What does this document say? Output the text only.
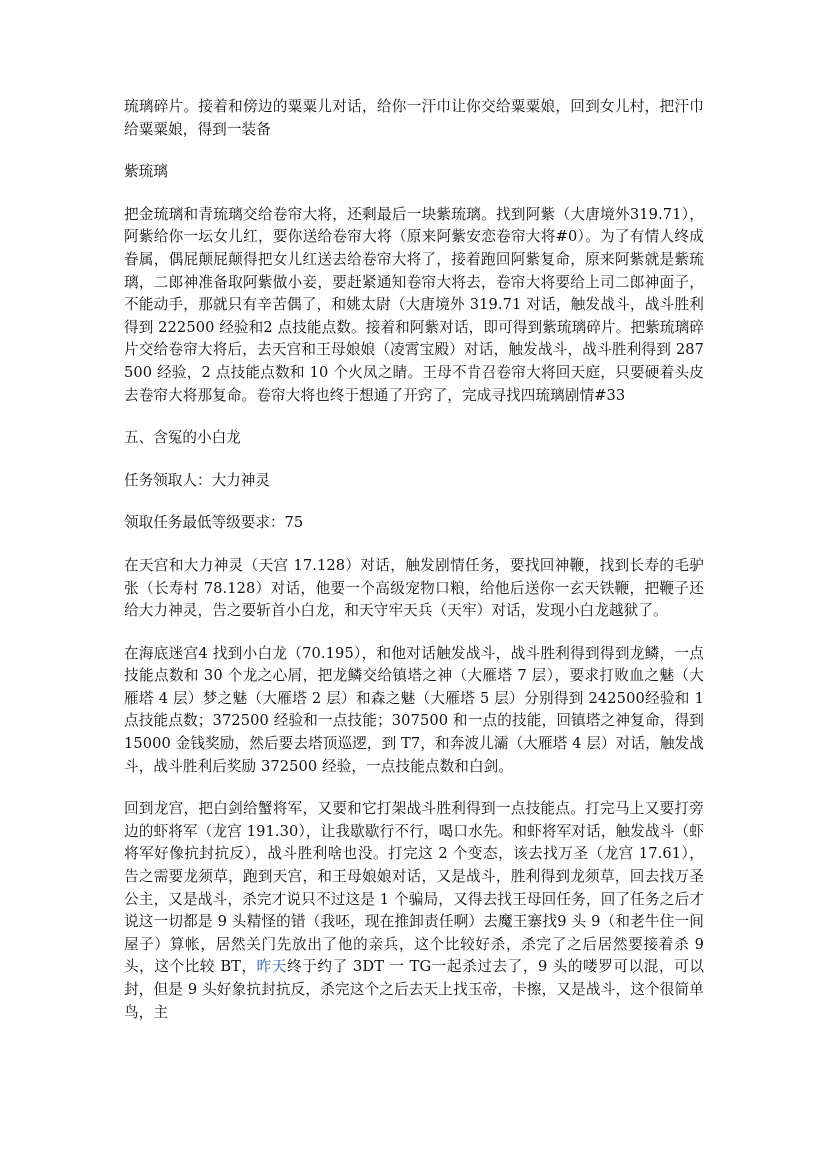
琉璃碎片。接着和傍边的粟粟儿对话，给你一汗巾让你交给粟粟娘，回到女儿村，把汗巾给粟粟娘，得到一装备

紫琉璃

把金琉璃和青琉璃交给卷帘大将，还剩最后一块紫琉璃。找到阿紫（大唐境外319.71），阿紫给你一坛女儿红，要你送给卷帘大将（原来阿紫安恋卷帘大将#0）。为了有情人终成眷属，偶屁颠屁颠得把女儿红送去给卷帘大将了，接着跑回阿紫复命，原来阿紫就是紫琉璃，二郎神准备取阿紫做小妾，要赶紧通知卷帘大将去，卷帘大将要给上司二郎神面子，不能动手，那就只有辛苦偶了，和姚太尉（大唐境外 319.71 对话，触发战斗，战斗胜利得到 222500 经验和2 点技能点数。接着和阿紫对话，即可得到紫琉璃碎片。把紫琉璃碎片交给卷帘大将后，去天宫和王母娘娘（凌霄宝殿）对话，触发战斗，战斗胜利得到 287500 经验，2 点技能点数和 10 个火凤之睛。王母不肯召卷帘大将回天庭，只要硬着头皮去卷帘大将那复命。卷帘大将也终于想通了开窍了，完成寻找四琉璃剧情#33

五、含冤的小白龙

任务领取人：大力神灵

领取任务最低等级要求：75

在天宫和大力神灵（天宫 17.128）对话，触发剧情任务，要找回神鞭，找到长寿的毛驴张（长寿村 78.128）对话，他要一个高级宠物口粮，给他后送你一玄天铁鞭，把鞭子还给大力神灵，告之要斩首小白龙，和天守牢天兵（天牢）对话，发现小白龙越狱了。

在海底迷宫4 找到小白龙（70.195），和他对话触发战斗，战斗胜利得到得到龙鳞，一点技能点数和 30 个龙之心屑，把龙鳞交给镇塔之神（大雁塔 7 层），要求打败血之魅（大雁塔 4 层）梦之魅（大雁塔 2 层）和森之魅（大雁塔 5 层）分别得到 242500经验和 1 点技能点数；372500 经验和一点技能；307500 和一点的技能，回镇塔之神复命，得到 15000 金钱奖励，然后要去塔顶巡逻，到 T7，和奔波儿灞（大雁塔 4 层）对话，触发战斗，战斗胜利后奖励 372500 经验，一点技能点数和白剑。

回到龙宫，把白剑给蟹将军，又要和它打架战斗胜利得到一点技能点。打完马上又要打旁边的虾将军（龙宫 191.30），让我歇歇行不行，喝口水先。和虾将军对话，触发战斗（虾将军好像抗封抗反），战斗胜利啥也没。打完这 2 个变态，该去找万圣（龙宫 17.61），告之需要龙须草，跑到天宫，和王母娘娘对话，又是战斗，胜利得到龙须草，回去找万圣公主，又是战斗，杀完才说只不过这是 1 个骗局，又得去找王母回任务，回了任务之后才说这一切都是 9 头精怪的错（我呸，现在推卸责任啊）去魔王寨找9 头 9（和老牛住一间屋子）算帐，居然关门先放出了他的亲兵，这个比较好杀，杀完了之后居然要接着杀 9 头，这个比较 BT，昨天终于约了 3DT 一 TG一起杀过去了，9 头的喽罗可以混，可以封，但是 9 头好象抗封抗反，杀完这个之后去天上找玉帝，卡擦，又是战斗，这个很简单鸟，主
